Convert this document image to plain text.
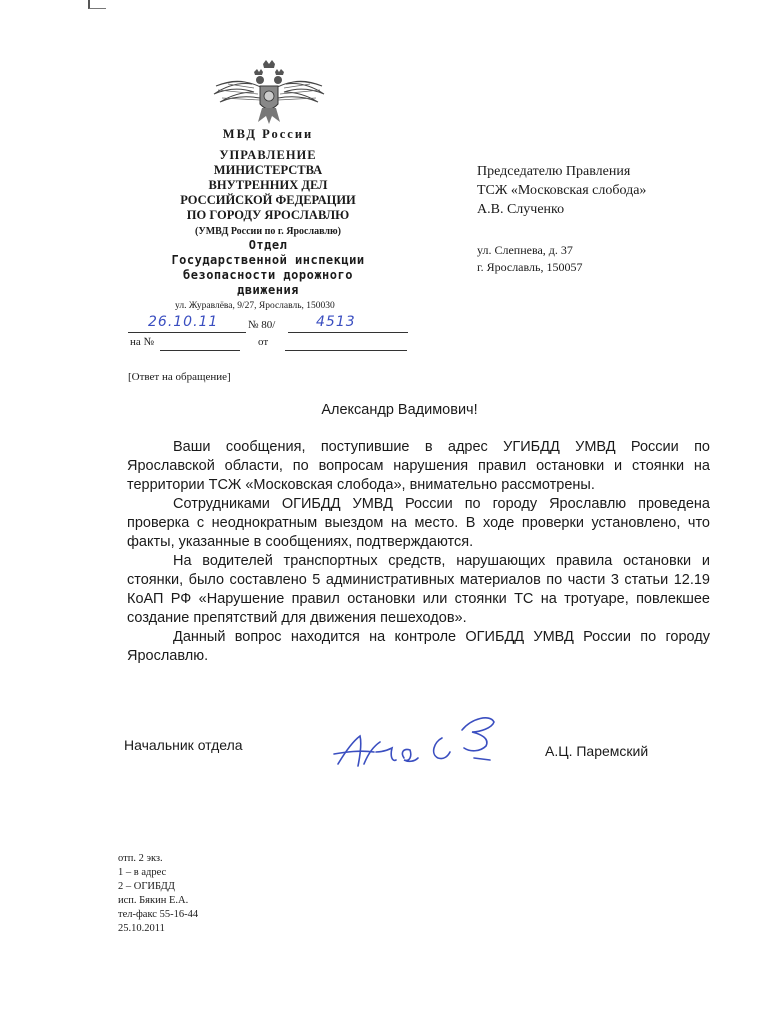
МВД России
УПРАВЛЕНИЕ
МИНИСТЕРСТВА
ВНУТРЕННИХ ДЕЛ
РОССИЙСКОЙ ФЕДЕРАЦИИ
ПО ГОРОДУ ЯРОСЛАВЛЮ
(УМВД России по г. Ярославлю)
Отдел
Государственной инспекции
безопасности дорожного
движения
ул. Журавлёва, 9/27, Ярославль, 150030
26.10.11	№ 80/	4513
на №	от
[Ответ на обращение]
Председателю Правления
ТСЖ «Московская слобода»
А.В. Слученко
ул. Слепнева, д. 37
г. Ярославль, 150057
Александр Вадимович!

Ваши сообщения, поступившие в адрес УГИБДД УМВД России по Ярославской области, по вопросам нарушения правил остановки и стоянки на территории ТСЖ «Московская слобода», внимательно рассмотрены.

Сотрудниками ОГИБДД УМВД России по городу Ярославлю проведена проверка с неоднократным выездом на место. В ходе проверки установлено, что факты, указанные в сообщениях, подтверждаются.

На водителей транспортных средств, нарушающих правила остановки и стоянки, было составлено 5 административных материалов по части 3 статьи 12.19 КоАП РФ «Нарушение правил остановки или стоянки ТС на тротуаре, повлекшее создание препятствий для движения пешеходов».

Данный вопрос находится на контроле ОГИБДД УМВД России по городу Ярославлю.

Начальник отдела	А.Ц. Паремский
отп. 2 экз.
1 – в адрес
2 – ОГИБДД
исп. Бякин Е.А.
тел-факс 55-16-44
25.10.2011
